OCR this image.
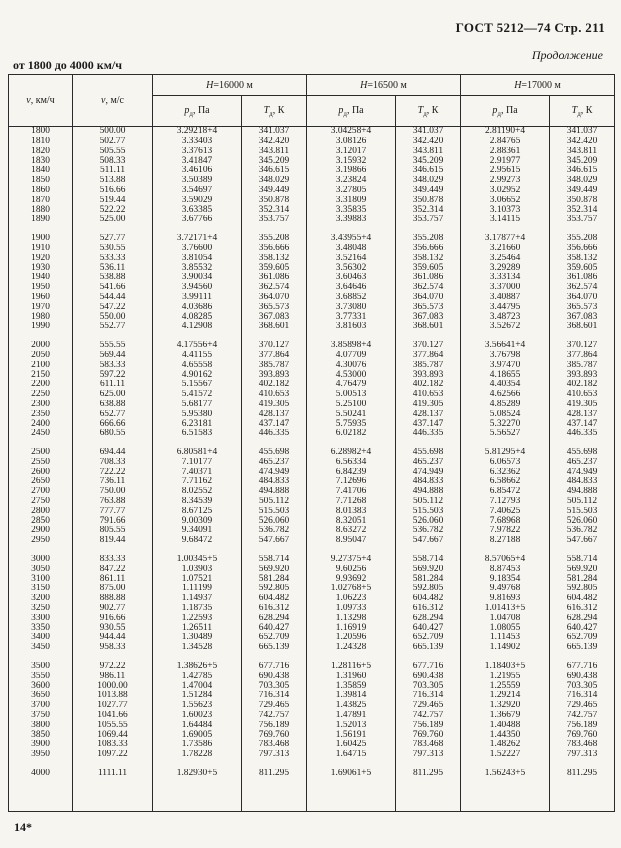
ГОСТ 5212—74 Стр. 211
Продолжение
от 1800 до 4000 км/ч
v, км/ч	v, м/с	H=16000 м		H=16500 м		H=17000 м	
		$p_д$, Па	$T_д$, К	$p_д$, Па	$T_д$, К	$p_д$, Па	$T_д$, К
1800	500.00	3.29218+4	341.037	3.04258+4	341.037	2.81190+4	341.037
1810	502.77	3.33403	342.420	3.08126	342.420	2.84765	342.420
1820	505.55	3.37613	343.811	3.12017	343.811	2.88361	343.811
1830	508.33	3.41847	345.209	3.15932	345.209	2.91977	345.209
1840	511.11	3.46106	346.615	3.19866	346.615	2.95615	346.615
1850	513.88	3.50389	348.029	3.23824	348.029	2.99273	348.029
1860	516.66	3.54697	349.449	3.27805	349.449	3.02952	349.449
1870	519.44	3.59029	350.878	3.31809	350.878	3.06652	350.878
1880	522.22	3.63385	352.314	3.35835	352.314	3.10373	352.314
1890	525.00	3.67766	353.757	3.39883	353.757	3.14115	353.757

1900	527.77	3.72171+4	355.208	3.43955+4	355.208	3.17877+4	355.208
1910	530.55	3.76600	356.666	3.48048	356.666	3.21660	356.666
1920	533.33	3.81054	358.132	3.52164	358.132	3.25464	358.132
1930	536.11	3.85532	359.605	3.56302	359.605	3.29289	359.605
1940	538.88	3.90034	361.086	3.60463	361.086	3.33134	361.086
1950	541.66	3.94560	362.574	3.64646	362.574	3.37000	362.574
1960	544.44	3.99111	364.070	3.68852	364.070	3.40887	364.070
1970	547.22	4.03686	365.573	3.73080	365.573	3.44795	365.573
1980	550.00	4.08285	367.083	3.77331	367.083	3.48723	367.083
1990	552.77	4.12908	368.601	3.81603	368.601	3.52672	368.601

2000	555.55	4.17556+4	370.127	3.85898+4	370.127	3.56641+4	370.127
2050	569.44	4.41155	377.864	4.07709	377.864	3.76798	377.864
2100	583.33	4.65558	385.787	4.30076	385.787	3.97470	385.787
2150	597.22	4.90162	393.893	4.53000	393.893	4.18655	393.893
2200	611.11	5.15567	402.182	4.76479	402.182	4.40354	402.182
2250	625.00	5.41572	410.653	5.00513	410.653	4.62566	410.653
2300	638.88	5.68177	419.305	5.25100	419.305	4.85289	419.305
2350	652.77	5.95380	428.137	5.50241	428.137	5.08524	428.137
2400	666.66	6.23181	437.147	5.75935	437.147	5.32270	437.147
2450	680.55	6.51583	446.335	6.02182	446.335	5.56527	446.335

2500	694.44	6.80581+4	455.698	6.28982+4	455.698	5.81295+4	455.698
2550	708.33	7.10177	465.237	6.56334	465.237	6.06573	465.237
2600	722.22	7.40371	474.949	6.84239	474.949	6.32362	474.949
2650	736.11	7.71162	484.833	7.12696	484.833	6.58662	484.833
2700	750.00	8.02552	494.888	7.41706	494.888	6.85472	494.888
2750	763.88	8.34539	505.112	7.71268	505.112	7.12793	505.112
2800	777.77	8.67125	515.503	8.01383	515.503	7.40625	515.503
2850	791.66	9.00309	526.060	8.32051	526.060	7.68968	526.060
2900	805.55	9.34091	536.782	8.63272	536.782	7.97822	536.782
2950	819.44	9.68472	547.667	8.95047	547.667	8.27188	547.667

3000	833.33	1.00345+5	558.714	9.27375+4	558.714	8.57065+4	558.714
3050	847.22	1.03903	569.920	9.60256	569.920	8.87453	569.920
3100	861.11	1.07521	581.284	9.93692	581.284	9.18354	581.284
3150	875.00	1.11199	592.805	1.02768+5	592.805	9.49768	592.805
3200	888.88	1.14937	604.482	1.06223	604.482	9.81693	604.482
3250	902.77	1.18735	616.312	1.09733	616.312	1.01413+5	616.312
3300	916.66	1.22593	628.294	1.13298	628.294	1.04708	628.294
3350	930.55	1.26511	640.427	1.16919	640.427	1.08055	640.427
3400	944.44	1.30489	652.709	1.20596	652.709	1.11453	652.709
3450	958.33	1.34528	665.139	1.24328	665.139	1.14902	665.139

3500	972.22	1.38626+5	677.716	1.28116+5	677.716	1.18403+5	677.716
3550	986.11	1.42785	690.438	1.31960	690.438	1.21955	690.438
3600	1000.00	1.47004	703.305	1.35859	703.305	1.25559	703.305
3650	1013.88	1.51284	716.314	1.39814	716.314	1.29214	716.314
3700	1027.77	1.55623	729.465	1.43825	729.465	1.32920	729.465
3750	1041.66	1.60023	742.757	1.47891	742.757	1.36679	742.757
3800	1055.55	1.64484	756.189	1.52013	756.189	1.40488	756.189
3850	1069.44	1.69005	769.760	1.56191	769.760	1.44350	769.760
3900	1083.33	1.73586	783.468	1.60425	783.468	1.48262	783.468
3950	1097.22	1.78228	797.313	1.64715	797.313	1.52227	797.313

4000	1111.11	1.82930+5	811.295	1.69061+5	811.295	1.56243+5	811.295

14*
